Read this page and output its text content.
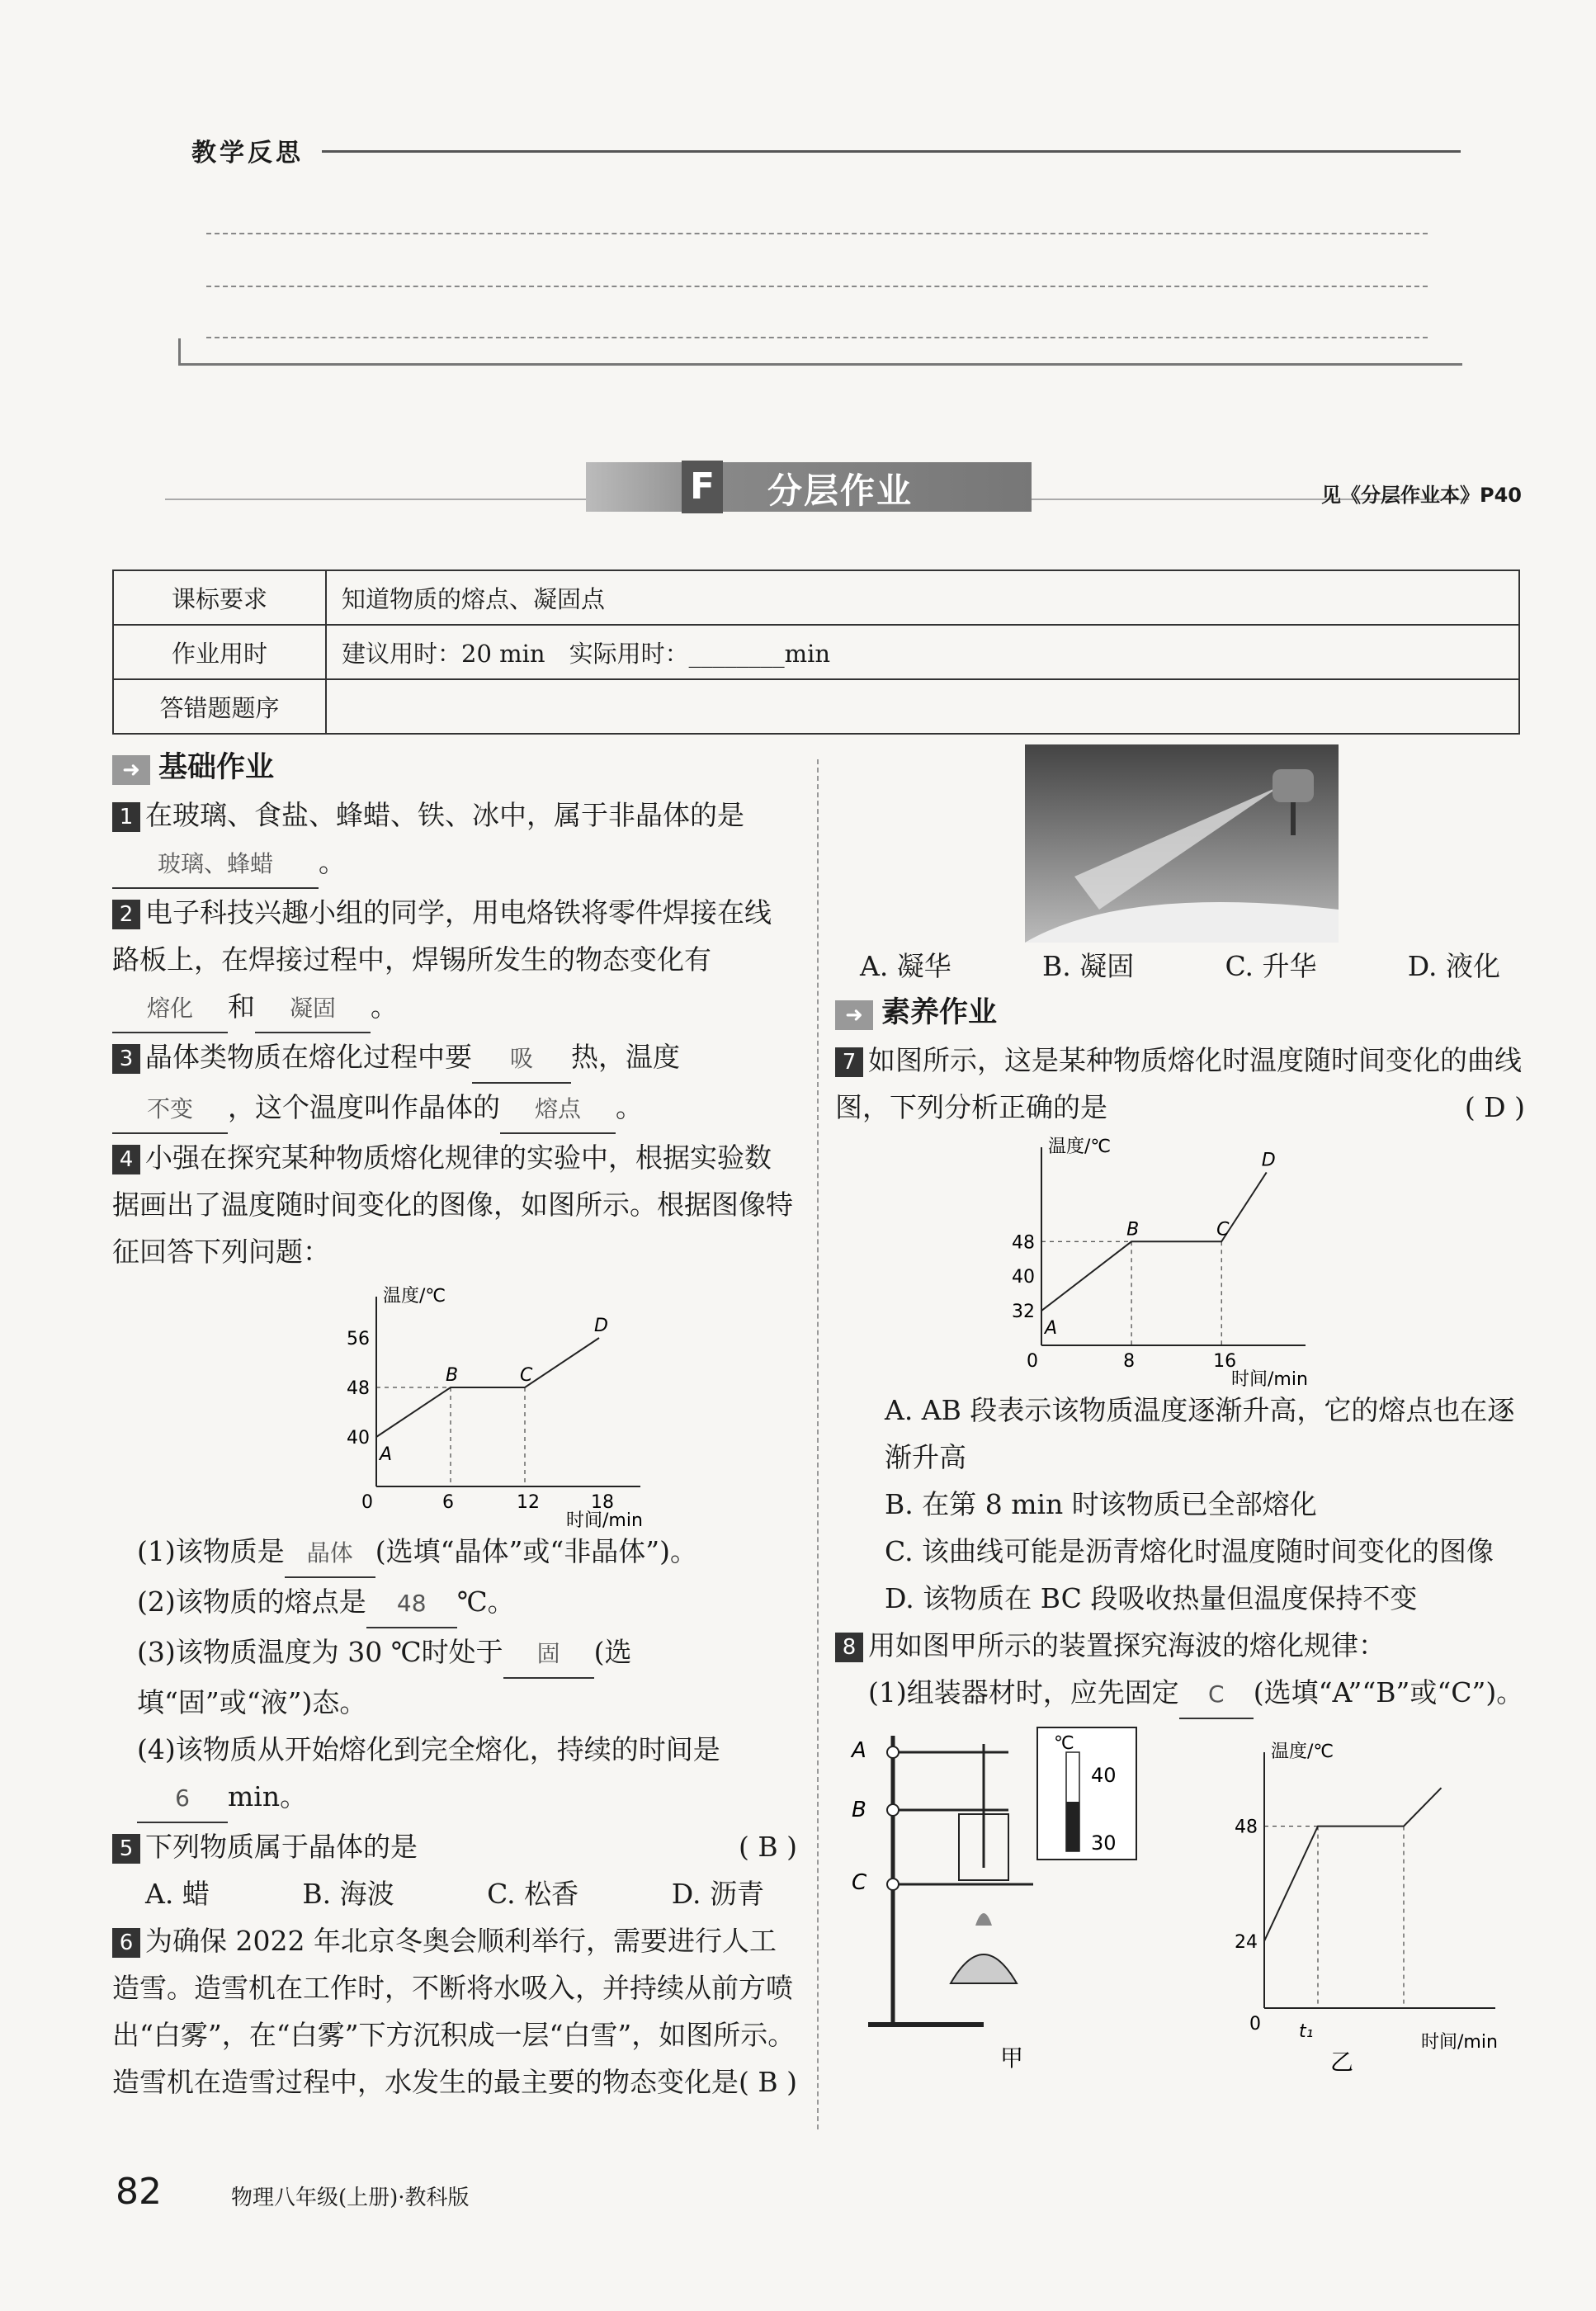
教学反思
F 分层作业	见《分层作业本》P40
课标要求	知道物质的熔点、凝固点
作业用时	建议用时：20 min　实际用时：________min
答错题题序	

➜ 基础作业

1 在玻璃、食盐、蜂蜡、铁、冰中，属于非晶体的是 玻璃、蜂蜡 。

2 电子科技兴趣小组的同学，用电烙铁将零件焊接在线路板上，在焊接过程中，焊锡所发生的物态变化有
熔化 和 凝固 。

3 晶体类物质在熔化过程中要 吸 热，温度
不变 ，这个温度叫作晶体的 熔点 。

4 小强在探究某种物质熔化规律的实验中，根据实验数据画出了温度随时间变化的图像，如图所示。根据图像特征回答下列问题：

温度/℃
时间/min
0
40
48
56
6	12	18
A
B	C
D

(1)该物质是 晶体 (选填“晶体”或“非晶体”)。

(2)该物质的熔点是 48 ℃。

(3)该物质温度为 30 ℃时处于 固 (选填“固”或“液”)态。

(4)该物质从开始熔化到完全熔化，持续的时间是6 min。

5 下列物质属于晶体的是	( B )

A. 蜡	B. 海波	C. 松香	D. 沥青

6 为确保 2022 年北京冬奥会顺利举行，需要进行人工造雪。造雪机在工作时，不断将水吸入，并持续从前方喷出“白雾”，在“白雾”下方沉积成一层“白雪”，如图所示。造雪机在造雪过程中，水发生的最主要的物态变化是 ( B )

A. 凝华	B. 凝固	C. 升华	D. 液化

➜ 素养作业

7 如图所示，这是某种物质熔化时温度随时间变化的曲线图，下列分析正确的是	( D )

温度/℃
时间/min
0
32
40
48
8	16
A
B	C
D

A. AB 段表示该物质温度逐渐升高，它的熔点也在逐渐升高

B. 在第 8 min 时该物质已全部熔化

C. 该曲线可能是沥青熔化时温度随时间变化的图像

D. 该物质在 BC 段吸收热量但温度保持不变

8 用如图甲所示的装置探究海波的熔化规律：

(1)组装器材时，应先固定 C (选填“A”“B”或“C”)。

℃
40
30
A
B
C
甲
温度/℃
时间/min
0
24
48
t₁
乙
82	物理八年级(上册)·教科版
